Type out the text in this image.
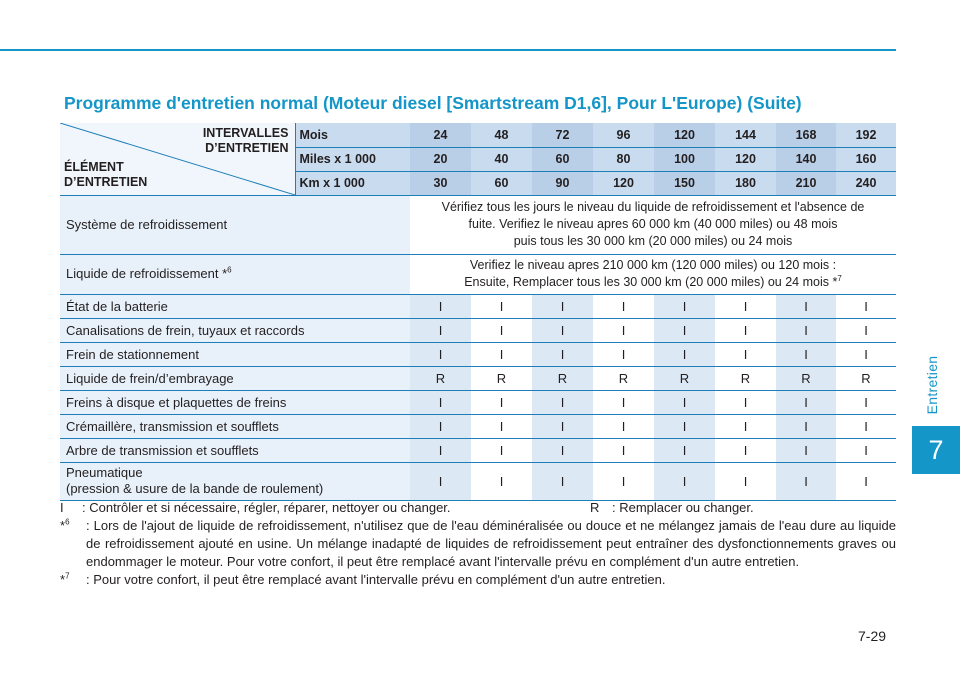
Entretien
7
Programme d'entretien normal (Moteur diesel [Smartstream D1,6], Pour L'Europe) (Suite)
INTERVALLES
D’ENTRETIEN
ÉLÉMENT
D’ENTRETIEN	Mois	24	48	72	96	120	144	168	192
	Miles x 1 000	20	40	60	80	100	120	140	160
	Km x 1 000	30	60	90	120	150	180	210	240
Système de refroidissement		Vérifiez tous les jours le niveau du liquide de refroidissement et l'absence de
fuite. Verifiez le niveau apres 60 000 km (40 000 miles) ou 48 mois
puis tous les 30 000 km (20 000 miles) ou 24 mois							

Liquide de refroidissement *$^6$		Verifiez le niveau apres 210 000 km (120 000 miles) ou 120 mois :
Ensuite, Remplacer tous les 30 000 km (20 000 miles) ou 24 mois *$^7$

État de la batterie		I	I	I	I	I	I	I	I
Canalisations de frein, tuyaux et raccords		I	I	I	I	I	I	I	I
Frein de stationnement		I	I	I	I	I	I	I	I
Liquide de frein/d’embrayage		R	R	R	R	R	R	R	R
Freins à disque et plaquettes de freins		I	I	I	I	I	I	I	I
Crémaillère, transmission et soufflets		I	I	I	I	I	I	I	I
Arbre de transmission et soufflets		I	I	I	I	I	I	I	I

Pneumatique
(pression & usure de la bande de roulement)		I	I	I	I	I	I	I	I
I	: Contrôler et si nécessaire, régler, réparer, nettoyer ou changer.	R : Remplacer ou changer.
*$^6$	: Lors de l'ajout de liquide de refroidissement, n'utilisez que de l'eau déminéralisée ou douce et ne mélangez jamais de l'eau dure au liquide de refroidissement ajouté en usine. Un mélange inadapté de liquides de refroidissement peut entraîner des dysfonctionnements graves ou endommager le moteur. Pour votre confort, il peut être remplacé avant l'intervalle prévu en complément d'un autre entretien.
*$^7$	: Pour votre confort, il peut être remplacé avant l'intervalle prévu en complément d'un autre entretien.
7-29
